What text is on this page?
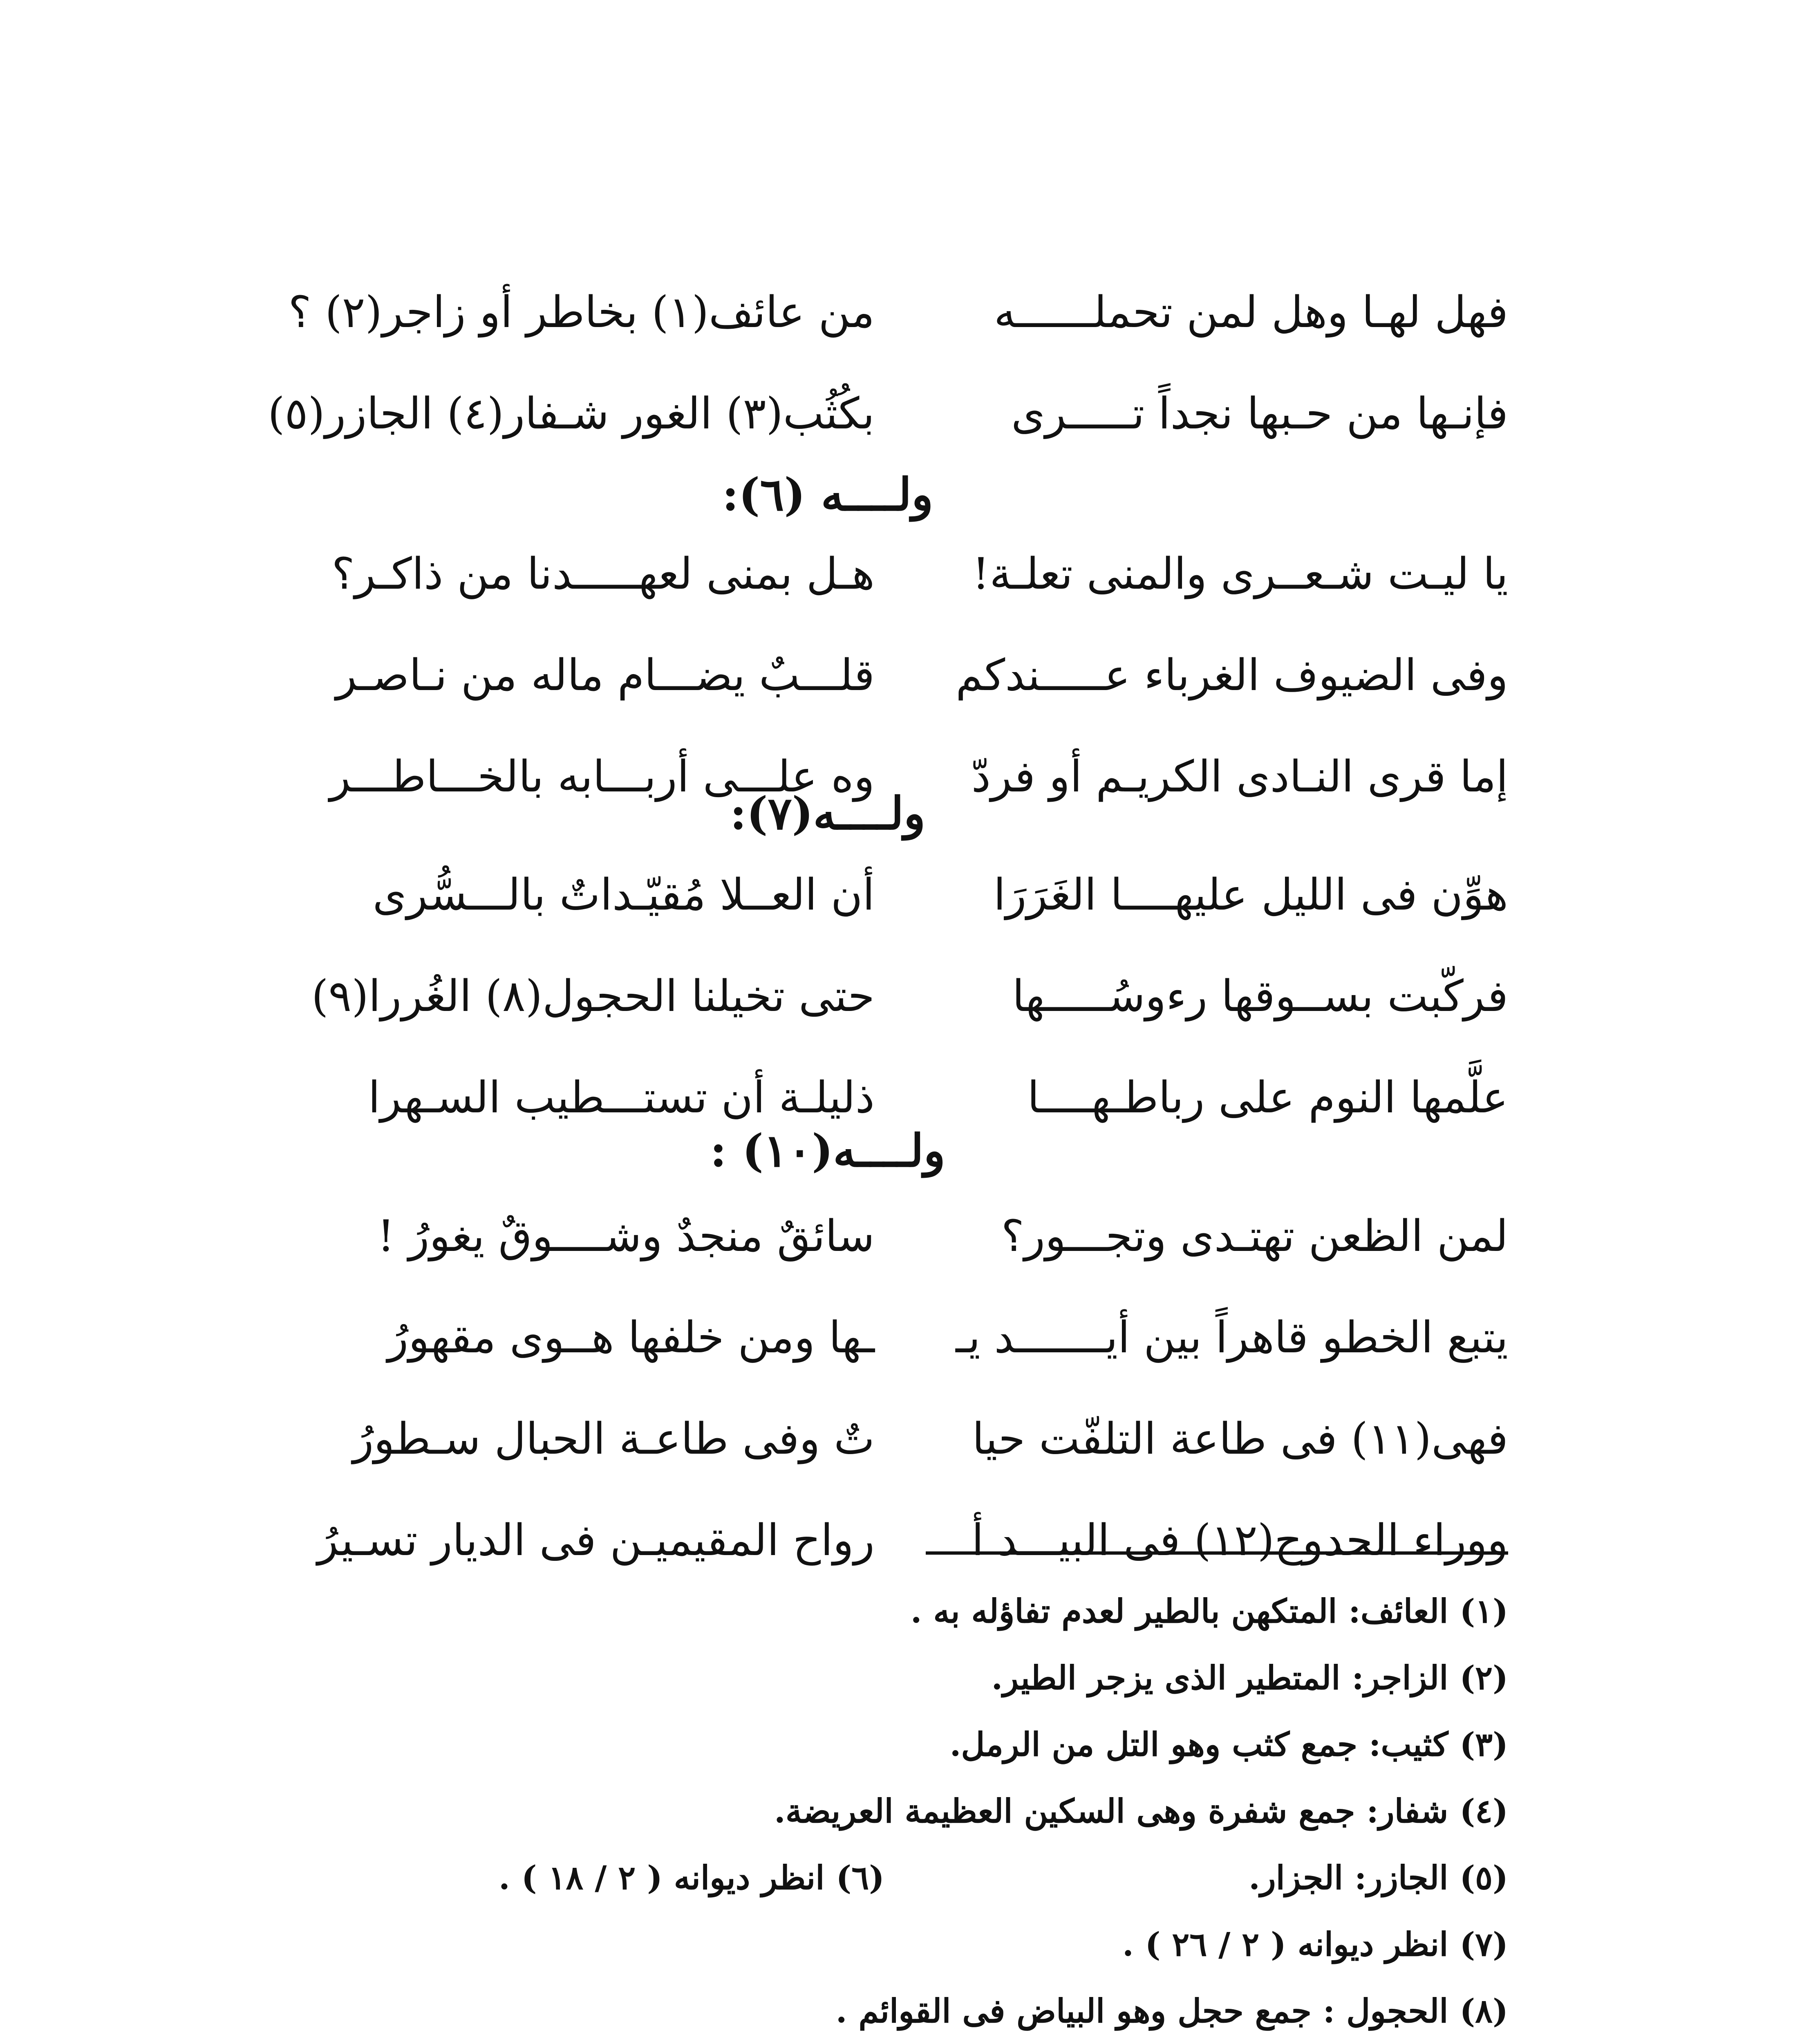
فهل لهـا وهل لمن تحملــــــه
من عائف(١) بخاطر أو زاجر(٢) ؟
فإنـها من حـبها نجداً تـــــرى
بكُثُب(٣) الغور شـفار(٤) الجازر(٥)
ولــــه (٦):
يا ليـت شـعــرى والمنى تعلـة!
هـل بمنى لعهـــــدنا من ذاكـر؟
وفى الضيوف الغرباء عـــــندكم
قلـــبٌ يضـــام ماله من نـاصـر
إما قرى النـادى الكريـم أو فردّ
وه علـــى أربـــابه بالخـــاطـــر
ولــــه(٧):
هوِّن فى الليل عليهــــا الغَرَرَا
أن العــلا مُقيّـداتٌ بالـــسُّرى
فركّبت بســوقها رءوسُـــــها
حتى تخيلنا الحجول(٨) الغُررا(٩)
علَّمها النوم على رباطـهــــا
ذليلـة أن تستـــطيب السـهرا
ولــــه(١٠) :
لمن الظعن تهتـدى وتجـــور؟
سائقٌ منجدٌ وشــــوقٌ يغورُ !
يتبع الخطو قاهراً بين أيـــــــد يـ
ـها ومن خلفها هــوى مقهورُ
فهى(١١) فى طاعة التلفّت حيا
تٌ وفى طاعـة الحبال سـطورُ
ووراء الحدوج(١٢) فى البيـــد أ
رواح المقيميـن فى الديار تسـيرُ
(١) العائف: المتكهن بالطير لعدم تفاؤله به .
(٢) الزاجر: المتطير الذى يزجر الطير.
(٣) كثيب: جمع كثب وهو التل من الرمل.
(٤) شفار: جمع شفرة وهى السكين العظيمة العريضة.
(٥) الجازر: الجزار.
(٦) انظر ديوانه ( ٢ / ١٨ ) .
(٧) انظر ديوانه ( ٢ / ٢٦ ) .
(٨) الحجول : جمع حجل وهو البياض فى القوائم .
